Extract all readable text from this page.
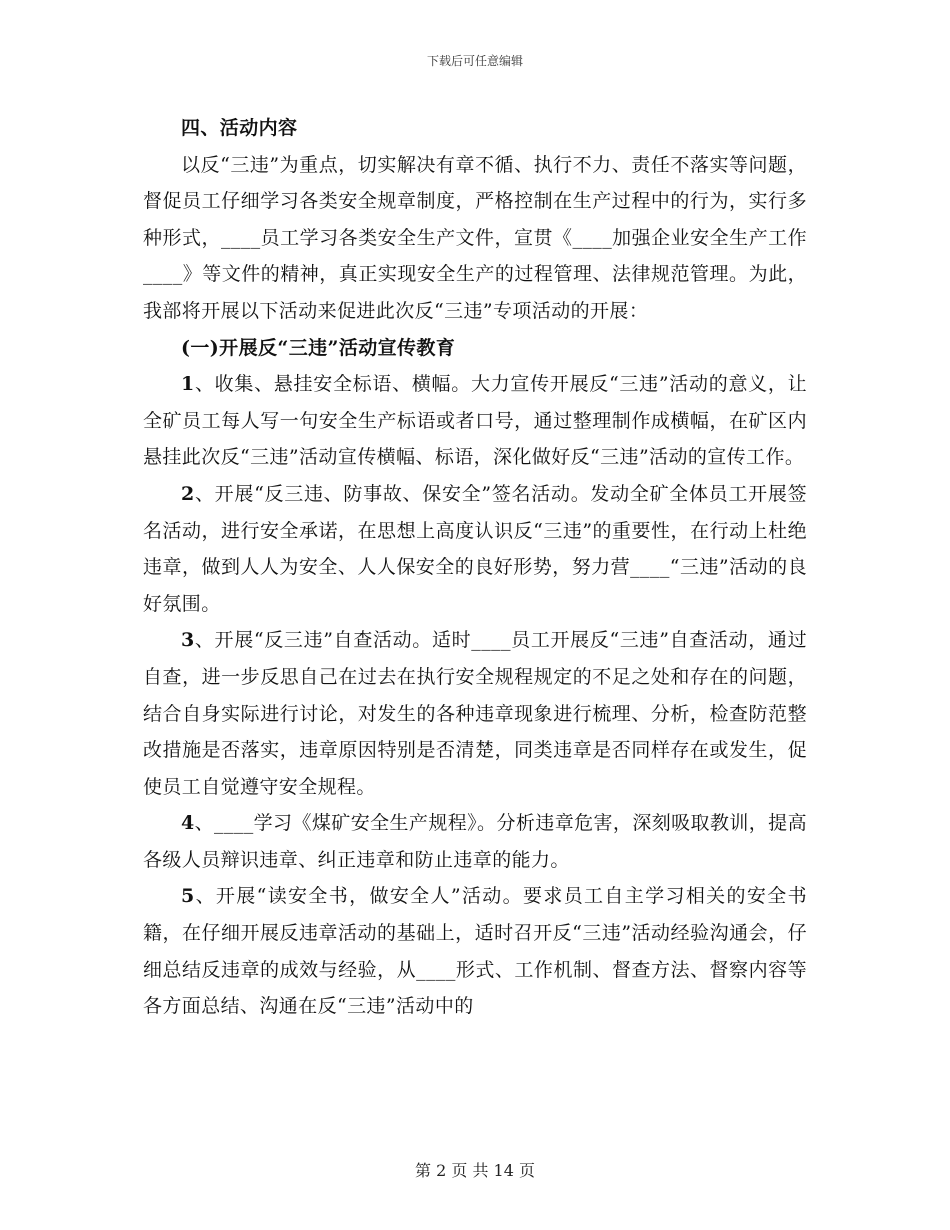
下载后可任意编辑

四、活动内容

以反“三违”为重点，切实解决有章不循、执行不力、责任不落实等问题，督促员工仔细学习各类安全规章制度，严格控制在生产过程中的行为，实行多种形式，____员工学习各类安全生产文件，宣贯《____加强企业安全生产工作____》等文件的精神，真正实现安全生产的过程管理、法律规范管理。为此，我部将开展以下活动来促进此次反“三违”专项活动的开展：

(一)开展反“三违”活动宣传教育

1、收集、悬挂安全标语、横幅。大力宣传开展反“三违”活动的意义，让全矿员工每人写一句安全生产标语或者口号，通过整理制作成横幅，在矿区内悬挂此次反“三违”活动宣传横幅、标语，深化做好反“三违”活动的宣传工作。

2、开展“反三违、防事故、保安全”签名活动。发动全矿全体员工开展签名活动，进行安全承诺，在思想上高度认识反“三违”的重要性，在行动上杜绝违章，做到人人为安全、人人保安全的良好形势，努力营____“三违”活动的良好氛围。

3、开展“反三违”自查活动。适时____员工开展反“三违”自查活动，通过自查，进一步反思自己在过去在执行安全规程规定的不足之处和存在的问题，结合自身实际进行讨论，对发生的各种违章现象进行梳理、分析，检查防范整改措施是否落实，违章原因特别是否清楚，同类违章是否同样存在或发生，促使员工自觉遵守安全规程。

4、____学习《煤矿安全生产规程》。分析违章危害，深刻吸取教训，提高各级人员辩识违章、纠正违章和防止违章的能力。

5、开展“读安全书，做安全人”活动。要求员工自主学习相关的安全书籍，在仔细开展反违章活动的基础上，适时召开反“三违”活动经验沟通会，仔细总结反违章的成效与经验，从____形式、工作机制、督查方法、督察内容等各方面总结、沟通在反“三违”活动中的

第 2 页 共 14 页
